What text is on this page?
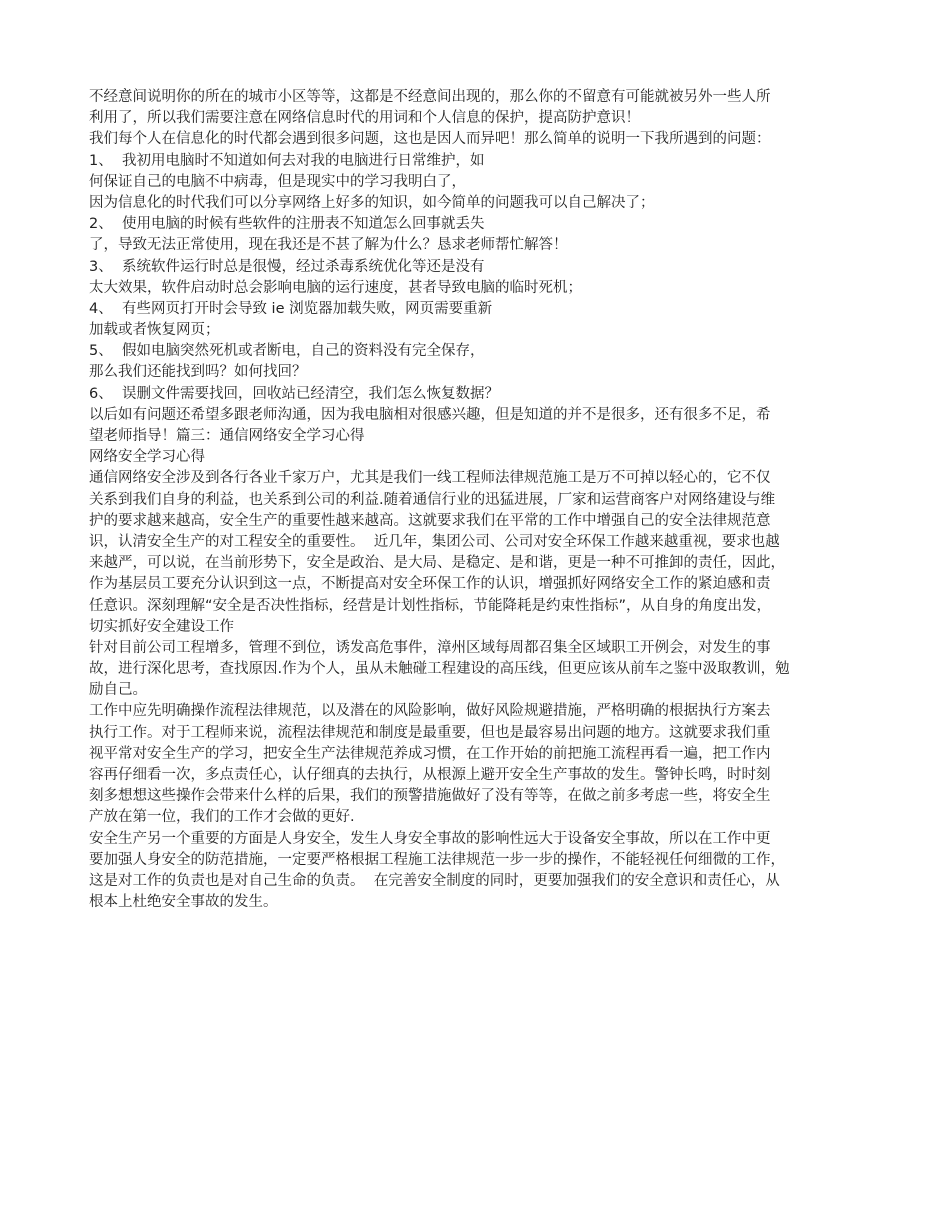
不经意间说明你的所在的城市小区等等，这都是不经意间出现的，那么你的不留意有可能就被另外一些人所
利用了，所以我们需要注意在网络信息时代的用词和个人信息的保护，提高防护意识！
我们每个人在信息化的时代都会遇到很多问题，这也是因人而异吧！那么简单的说明一下我所遇到的问题：
1、  我初用电脑时不知道如何去对我的电脑进行日常维护，如
何保证自己的电脑不中病毒，但是现实中的学习我明白了，
因为信息化的时代我们可以分享网络上好多的知识，如今简单的问题我可以自己解决了；
2、  使用电脑的时候有些软件的注册表不知道怎么回事就丢失
了，导致无法正常使用，现在我还是不甚了解为什么？恳求老师帮忙解答！
3、  系统软件运行时总是很慢，经过杀毒系统优化等还是没有
太大效果，软件启动时总会影响电脑的运行速度，甚者导致电脑的临时死机；
4、  有些网页打开时会导致 ie 浏览器加载失败，网页需要重新
加载或者恢复网页；
5、  假如电脑突然死机或者断电，自己的资料没有完全保存，
那么我们还能找到吗？如何找回？
6、  误删文件需要找回，回收站已经清空，我们怎么恢复数据？
以后如有问题还希望多跟老师沟通，因为我电脑相对很感兴趣，但是知道的并不是很多，还有很多不足，希
望老师指导！篇三：通信网络安全学习心得
网络安全学习心得
通信网络安全涉及到各行各业千家万户，尤其是我们一线工程师法律规范施工是万不可掉以轻心的，它不仅
关系到我们自身的利益，也关系到公司的利益.随着通信行业的迅猛进展，厂家和运营商客户对网络建设与维
护的要求越来越高，安全生产的重要性越来越高。这就要求我们在平常的工作中增强自己的安全法律规范意
识，认清安全生产的对工程安全的重要性。  近几年，集团公司、公司对安全环保工作越来越重视，要求也越
来越严，可以说，在当前形势下，安全是政治、是大局、是稳定、是和谐，更是一种不可推卸的责任，因此，
作为基层员工要充分认识到这一点，不断提高对安全环保工作的认识，增强抓好网络安全工作的紧迫感和责
任意识。深刻理解“安全是否决性指标，经营是计划性指标，节能降耗是约束性指标”，从自身的角度出发，
切实抓好安全建设工作
针对目前公司工程增多，管理不到位，诱发高危事件，漳州区域每周都召集全区域职工开例会，对发生的事
故，进行深化思考，查找原因.作为个人，虽从未触碰工程建设的高压线，但更应该从前车之鉴中汲取教训，勉
励自己。
工作中应先明确操作流程法律规范，以及潜在的风险影响，做好风险规避措施，严格明确的根据执行方案去
执行工作。对于工程师来说，流程法律规范和制度是最重要，但也是最容易出问题的地方。这就要求我们重
视平常对安全生产的学习，把安全生产法律规范养成习惯，在工作开始的前把施工流程再看一遍，把工作内
容再仔细看一次，多点责任心，认仔细真的去执行，从根源上避开安全生产事故的发生。警钟长鸣，时时刻
刻多想想这些操作会带来什么样的后果，我们的预警措施做好了没有等等，在做之前多考虑一些，将安全生
产放在第一位，我们的工作才会做的更好.
安全生产另一个重要的方面是人身安全，发生人身安全事故的影响性远大于设备安全事故，所以在工作中更
要加强人身安全的防范措施，一定要严格根据工程施工法律规范一步一步的操作，不能轻视任何细微的工作，
这是对工作的负责也是对自己生命的负责。  在完善安全制度的同时，更要加强我们的安全意识和责任心，从
根本上杜绝安全事故的发生。
